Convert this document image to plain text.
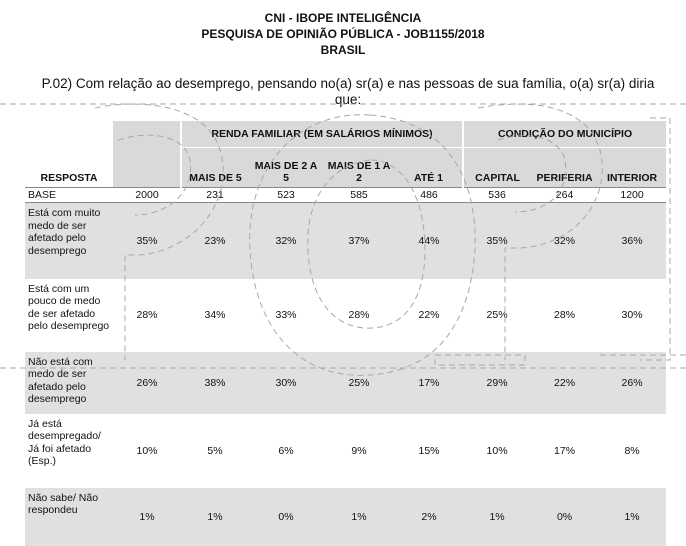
CNI - IBOPE INTELIGÊNCIA
PESQUISA DE OPINIÃO PÚBLICA - JOB1155/2018
BRASIL
P.02) Com relação ao desemprego, pensando no(a) sr(a) e nas pessoas de sua família, o(a) sr(a) diria que:
		RENDA FAMILIAR (EM SALÁRIOS MÍNIMOS)				CONDIÇÃO DO MUNICÍPIO		
RESPOSTA		MAIS DE 5	MAIS DE 2 A 5	MAIS DE 1 A 2	ATÉ 1	CAPITAL	PERIFERIA	INTERIOR
BASE	2000	231	523	585	486	536	264	1200
Está com muito medo de ser afetado pelo desemprego	35%	23%	32%	37%	44%	35%	32%	36%
Está com um pouco de medo de ser afetado pelo desemprego	28%	34%	33%	28%	22%	25%	28%	30%
Não está com medo de ser afetado pelo desemprego	26%	38%	30%	25%	17%	29%	22%	26%
Já está desempregado/ Já foi afetado (Esp.)	10%	5%	6%	9%	15%	10%	17%	8%
Não sabe/ Não respondeu	1%	1%	0%	1%	2%	1%	0%	1%
